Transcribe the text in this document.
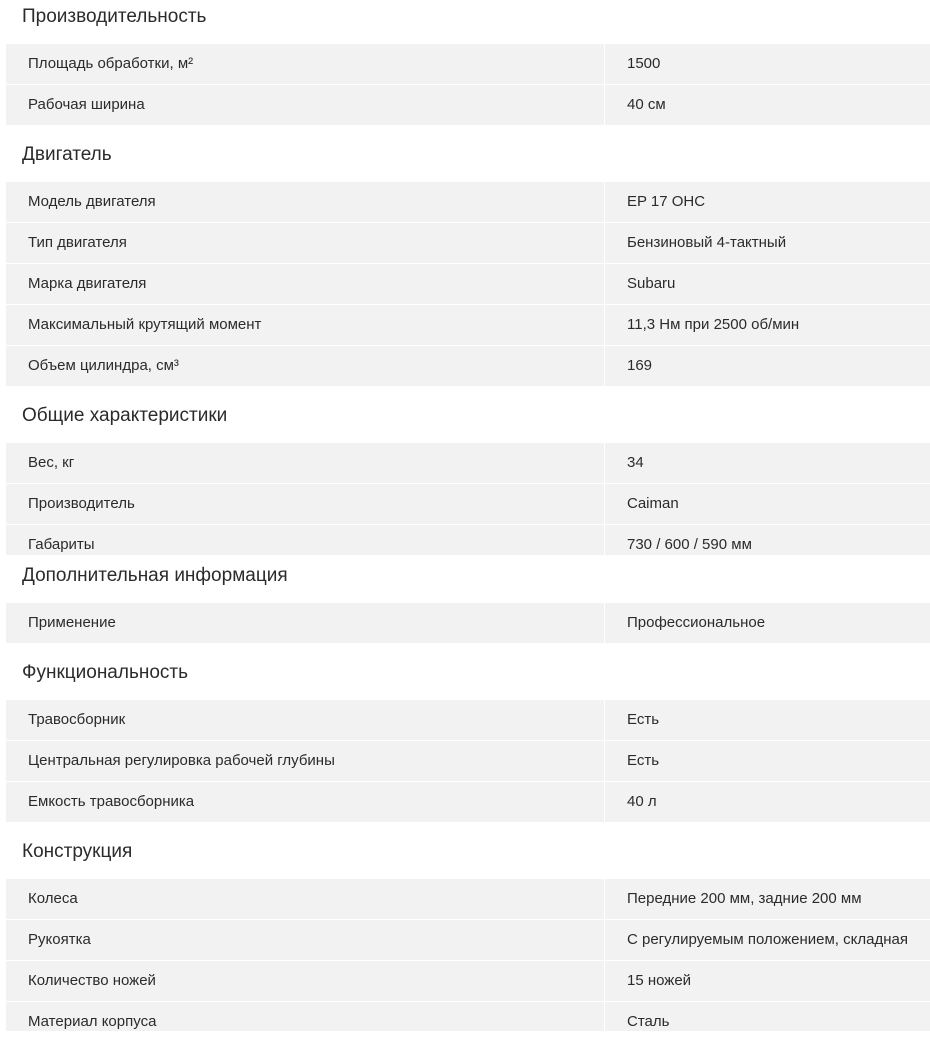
Производительность
Площадь обработки, м²	1500
Рабочая ширина	40 см
Двигатель
Модель двигателя	EP 17 OHC
Тип двигателя	Бензиновый 4-тактный
Марка двигателя	Subaru
Максимальный крутящий момент	11,3 Нм при 2500 об/мин
Объем цилиндра, см³	169
Общие характеристики
Вес, кг	34
Производитель	Caiman
Габариты	730 / 600 / 590 мм
Дополнительная информация
Применение	Профессиональное
Функциональность
Травосборник	Есть
Центральная регулировка рабочей глубины	Есть
Емкость травосборника	40 л
Конструкция
Колеса	Передние 200 мм, задние 200 мм
Рукоятка	С регулируемым положением, складная
Количество ножей	15 ножей
Материал корпуса	Сталь
